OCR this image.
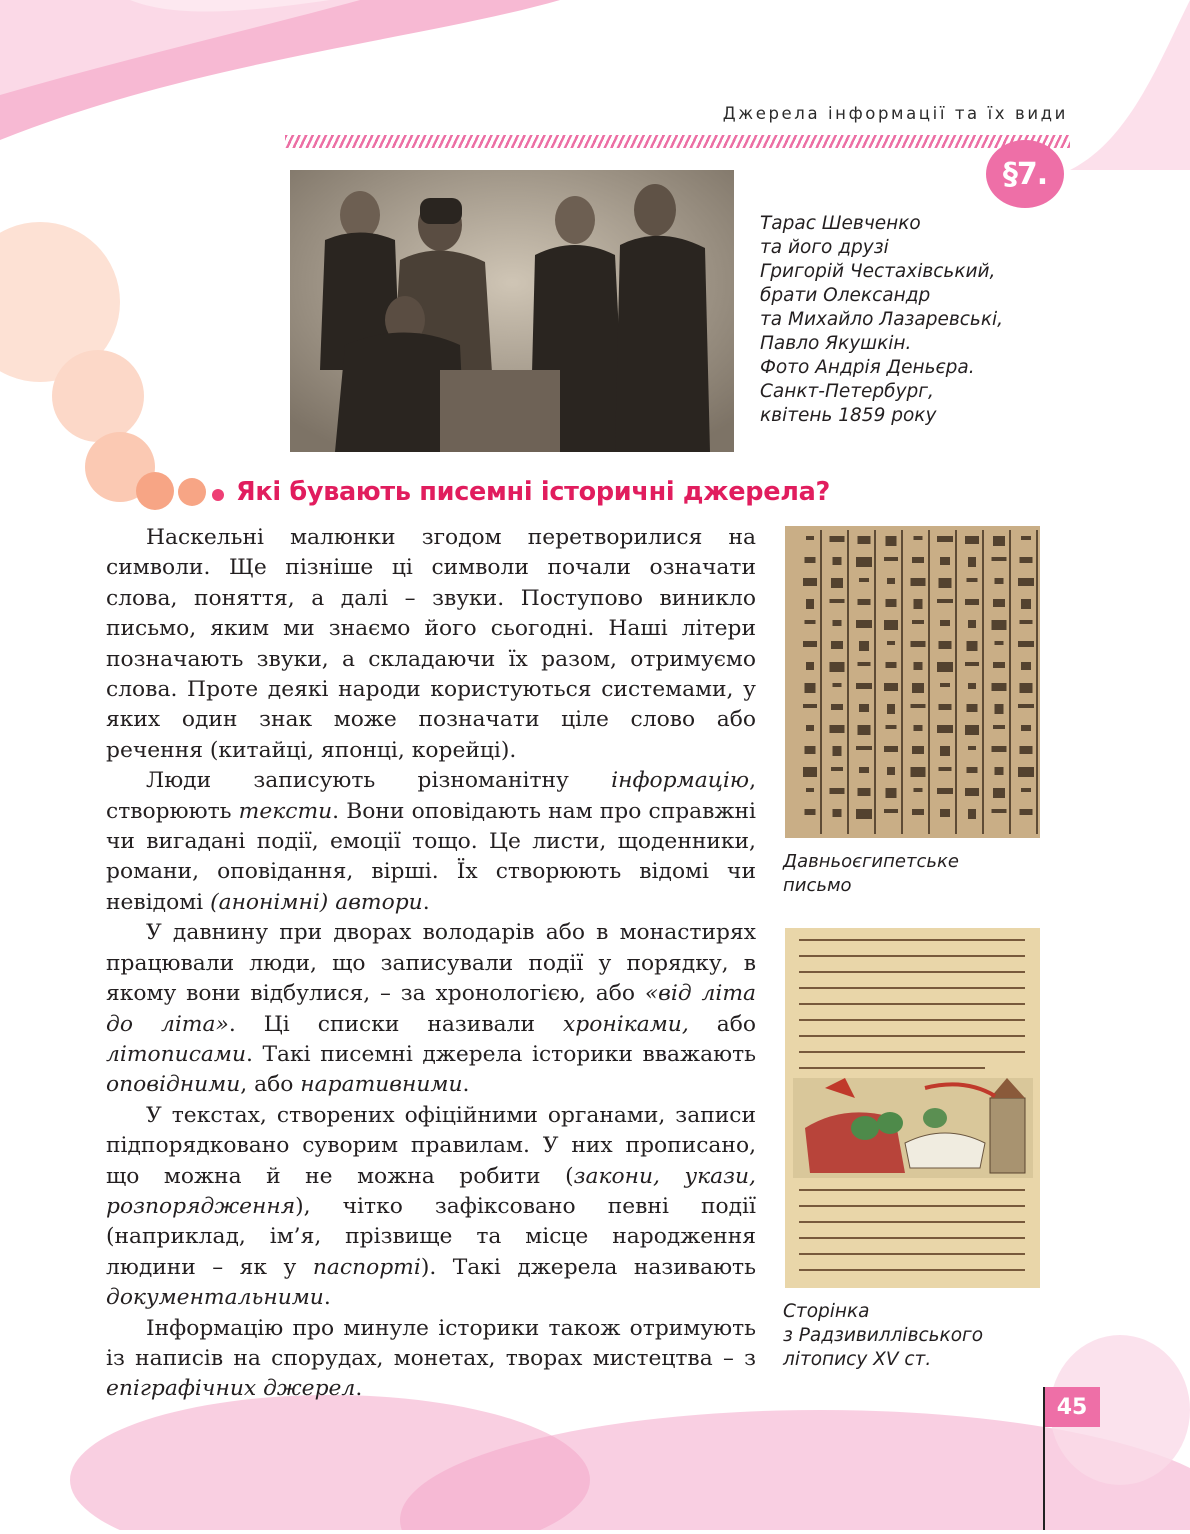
Джерела інформації та їх види
§7.
Тарас Шевченко
та його друзі
Григорій Честахівський,
брати Олександр
та Михайло Лазаревські,
Павло Якушкін.
Фото Андрія Деньєра.
Санкт-Петербург,
квітень 1859 року
Які бувають писемні історичні джерела?

Наскельні малюнки згодом перетворилися на символи. Ще пізніше ці символи почали означати слова, поняття, а далі – звуки. Поступово виникло письмо, яким ми знаємо його сьогодні. Наші літери позначають звуки, а складаючи їх разом, отримуємо слова. Проте деякі народи користуються системами, у яких один знак може позначати ціле слово або речення (китайці, японці, корейці).

Люди записують різноманітну інформацію, створюють тексти. Вони оповідають нам про справжні чи вигадані події, емоції тощо. Це листи, щоденники, романи, оповідання, вірші. Їх створюють відомі чи невідомі (анонімні) автори.

У давнину при дворах володарів або в монастирях працювали люди, що записували події у порядку, в якому вони відбулися, – за хронологією, або «від літа до літа». Ці списки називали хроніками, або літописами. Такі писемні джерела історики вважають оповідними, або наративними.

У текстах, створених офіційними органами, записи підпорядковано суворим правилам. У них прописано, що можна й не можна робити (закони, укази, розпорядження), чітко зафіксовано певні події (наприклад, ім’я, прізвище та місце народження людини – як у паспорті). Такі джерела називають документальними.

Інформацію про минуле історики також отримують із написів на спорудах, монетах, творах мистецтва – з епіграфічних джерел.

Давньоєгипетське
письмо
Сторінка
з Радзивиллівського
літопису XV ст.
45
